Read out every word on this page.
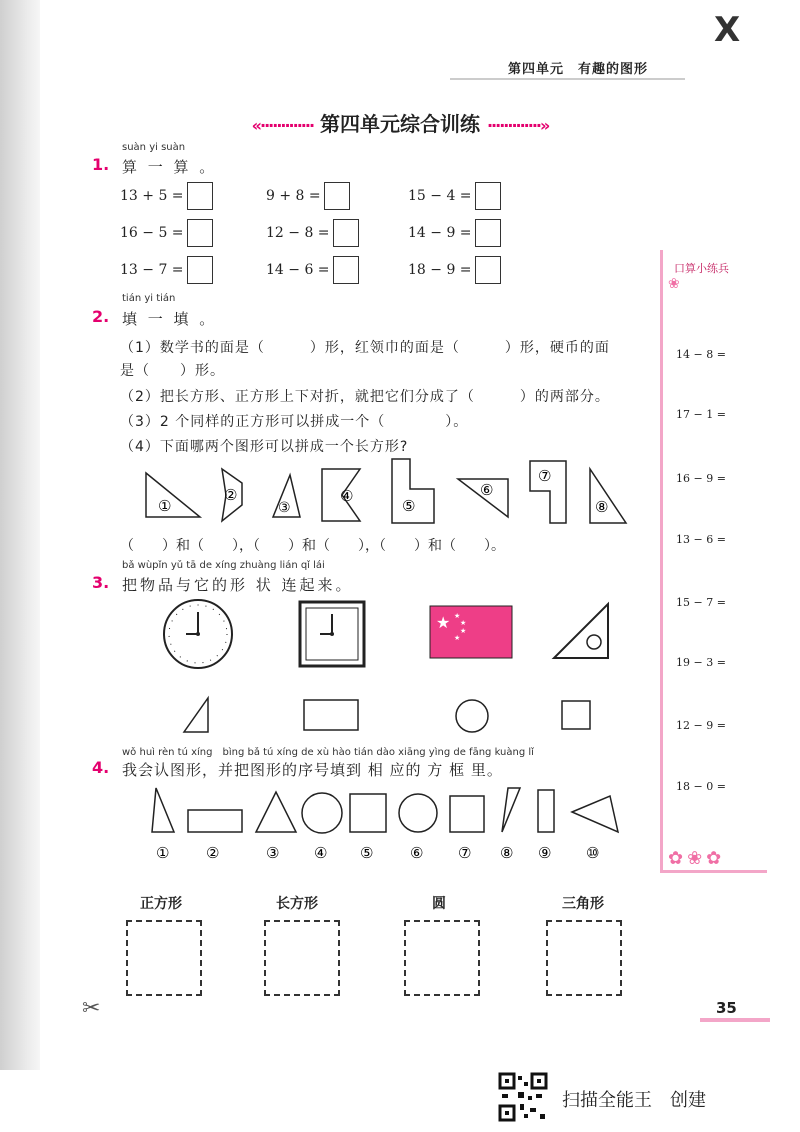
X
第四单元　有趣的图形
«············· 第四单元综合训练 ·············»
suàn yi suàn
1. 算 一 算 。
13 + 5 =	9 + 8 =	15 − 4 =
16 − 5 =	12 − 8 =	14 − 9 =
13 − 7 =	14 − 6 =	18 − 9 =
tián yi tián
2. 填 一 填 。
（1）数学书的面是（　　　）形，红领巾的面是（　　　）形，硬币的面
是（　　）形。
（2）把长方形、正方形上下对折，就把它们分成了（　　　）的两部分。
（3）2 个同样的正方形可以拼成一个（　　　　）。
（4）下面哪两个图形可以拼成一个长方形?
①
②
③
④
⑤
⑥
⑦
⑧
（　　）和（　　），（　　）和（　　），（　　）和（　　）。
bǎ wùpǐn yǔ tā de xíng zhuàng lián qǐ lái
3. 把物品与它的形 状 连起来。
★ ★
★
★
★
wǒ huì rèn tú xíng　bìng bǎ tú xíng de xù hào tián dào xiāng yìng de fāng kuàng lǐ
4. 我会认图形，并把图形的序号填到 相 应的 方 框 里。
① ②	③ ④ ⑤ ⑥ ⑦ ⑧ ⑨ ⑩
正方形	长方形	圆	三角形
✂
口算小练兵
14 − 8 =
17 − 1 =
16 − 9 =
13 − 6 =
15 − 7 =
19 − 3 =
12 − 9 =
18 − 0 =
✿❀✿
❀
35
扫描全能王　创建
